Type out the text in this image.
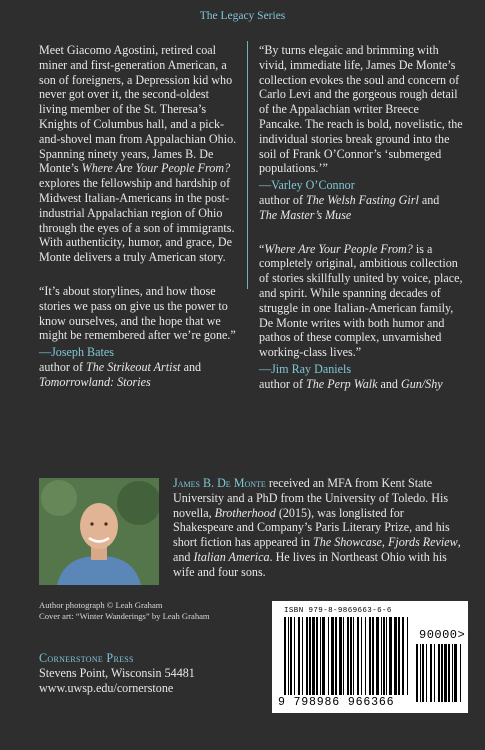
The Legacy Series

Meet Giacomo Agostini, retired coal miner and first-generation American, a son of foreigners, a Depression kid who never got over it, the second-oldest living member of the St. Theresa’s Knights of Columbus hall, and a pick-and-shovel man from Appalachian Ohio. Spanning ninety years, James B. De Monte’s Where Are Your People From? explores the fellowship and hardship of Midwest Italian-Americans in the post-industrial Appalachian region of Ohio through the eyes of a son of immigrants. With authenticity, humor, and grace, De Monte delivers a truly American story.

“It’s about storylines, and how those stories we pass on give us the power to know ourselves, and the hope that we might be remembered after we’re gone.”

—Joseph Bates

author of The Strikeout Artist and
Tomorrowland: Stories

“By turns elegaic and brimming with vivid, immediate life, James De Monte’s collection evokes the soul and concern of Carlo Levi and the gorgeous rough detail of the Appalachian writer Breece Pancake. The reach is bold, novelistic, the individual stories break ground into the soil of Frank O’Connor’s ‘submerged populations.’”

—Varley O’Connor

author of The Welsh Fasting Girl and
The Master’s Muse

“Where Are Your People From? is a completely original, ambitious collection of stories skillfully united by voice, place, and spirit. While spanning decades of struggle in one Italian-American family, De Monte writes with both humor and pathos of these complex, unvarnished working-class lives.”

—Jim Ray Daniels

author of The Perp Walk and Gun/Shy

James B. De Monte received an MFA from Kent State University and a PhD from the University of Toledo. His novella, Brotherhood (2015), was longlisted for Shakespeare and Company’s Paris Literary Prize, and his short fiction has appeared in The Showcase, Fjords Review, and Italian America. He lives in Northeast Ohio with his wife and four sons.
Author photograph © Leah Graham
Cover art: “Winter Wanderings” by Leah Graham
Cornerstone Press
Stevens Point, Wisconsin 54481
www.uwsp.edu/cornerstone
ISBN 979-8-9869663-6-6
90000>
9 798986 966366
